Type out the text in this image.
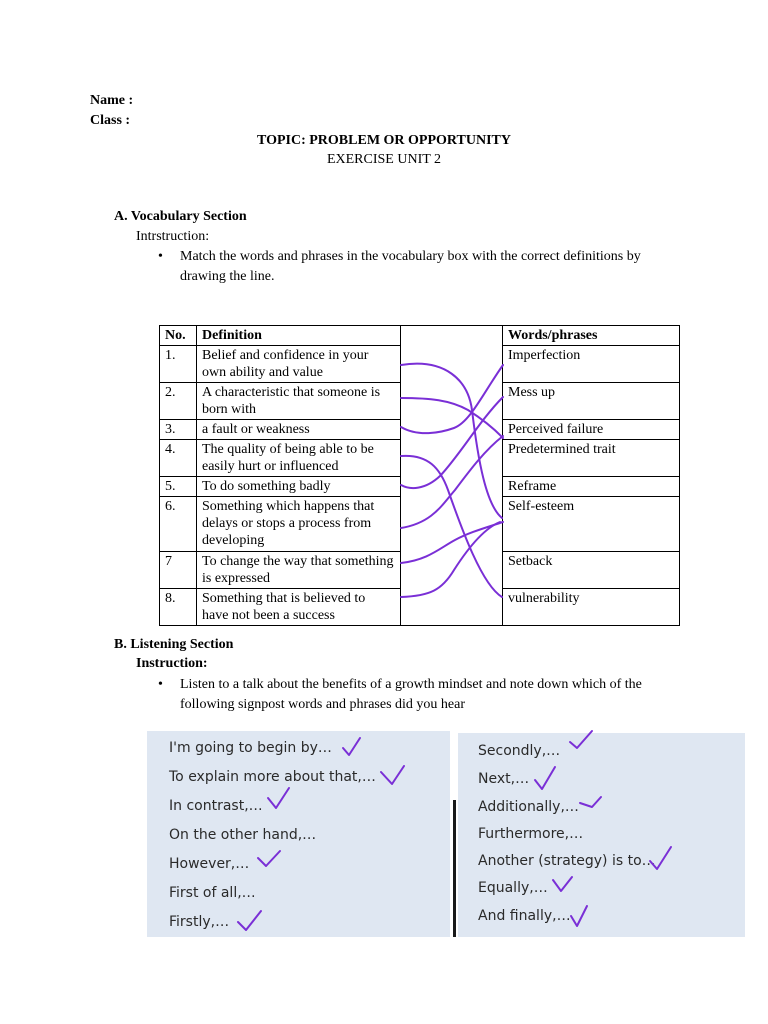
Name :
Class :
TOPIC: PROBLEM OR OPPORTUNITY
EXERCISE UNIT 2
A. Vocabulary Section
Intrstruction:
• Match the words and phrases in the vocabulary box with the correct definitions by
drawing the line.
No.	Definition		Words/phrases
1.	Belief and confidence in your own ability and value		Imperfection
2.	A characteristic that someone is born with		Mess up
3.	a fault or weakness		Perceived failure
4.	The quality of being able to be easily hurt or influenced		Predetermined trait
5.	To do something badly		Reframe
6.	Something which happens that delays or stops a process from developing		Self-esteem
7	To change the way that something is expressed		Setback
8.	Something that is believed to have not been a success		vulnerability
B. Listening Section
Instruction:
• Listen to a talk about the benefits of a growth mindset and note down which of the
following signpost words and phrases did you hear
I'm going to begin by…
To explain more about that,…
In contrast,…
On the other hand,…
However,…
First of all,…
Firstly,…
Secondly,…
Next,…
Additionally,…
Furthermore,…
Another (strategy) is to…
Equally,…
And finally,…
